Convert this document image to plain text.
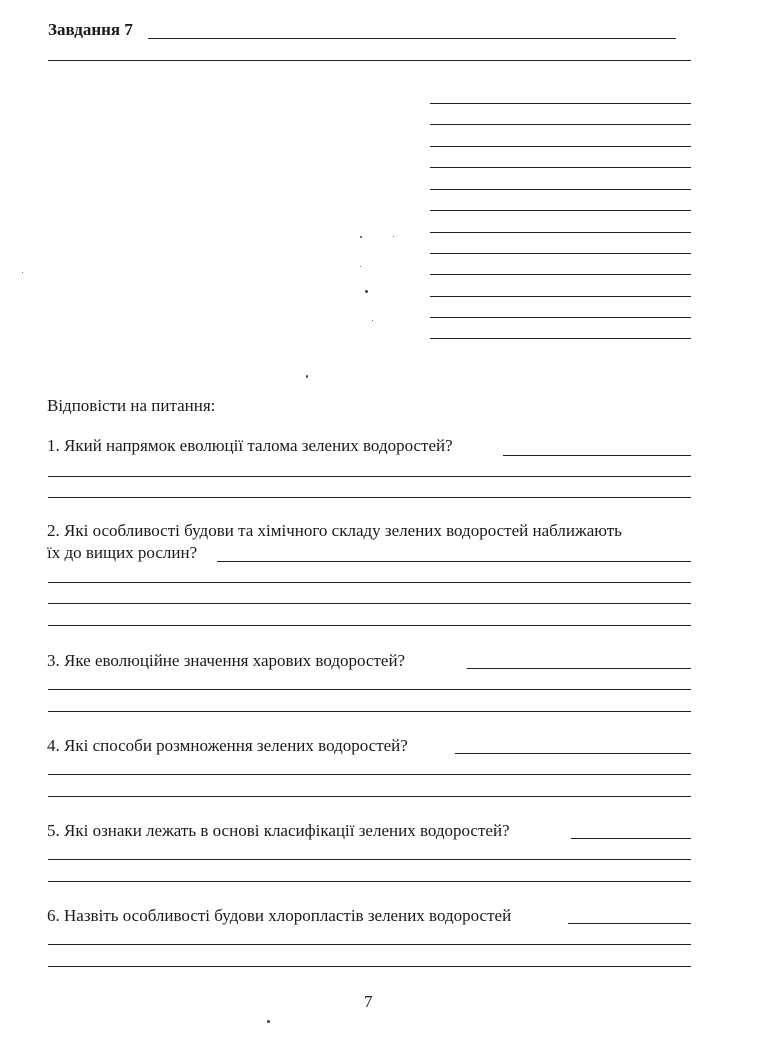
Завдання 7
Відповісти на питання:
1. Який напрямок еволюції талома зелених водоростей?
2. Які особливості будови та хімічного складу зелених водоростей наближають
їх до вищих рослин?
3. Яке еволюційне значення харових водоростей?
4. Які способи розмноження зелених водоростей?
5. Які ознаки лежать в основі класифікації зелених водоростей?
6. Назвіть особливості будови хлоропластів зелених водоростей
7
